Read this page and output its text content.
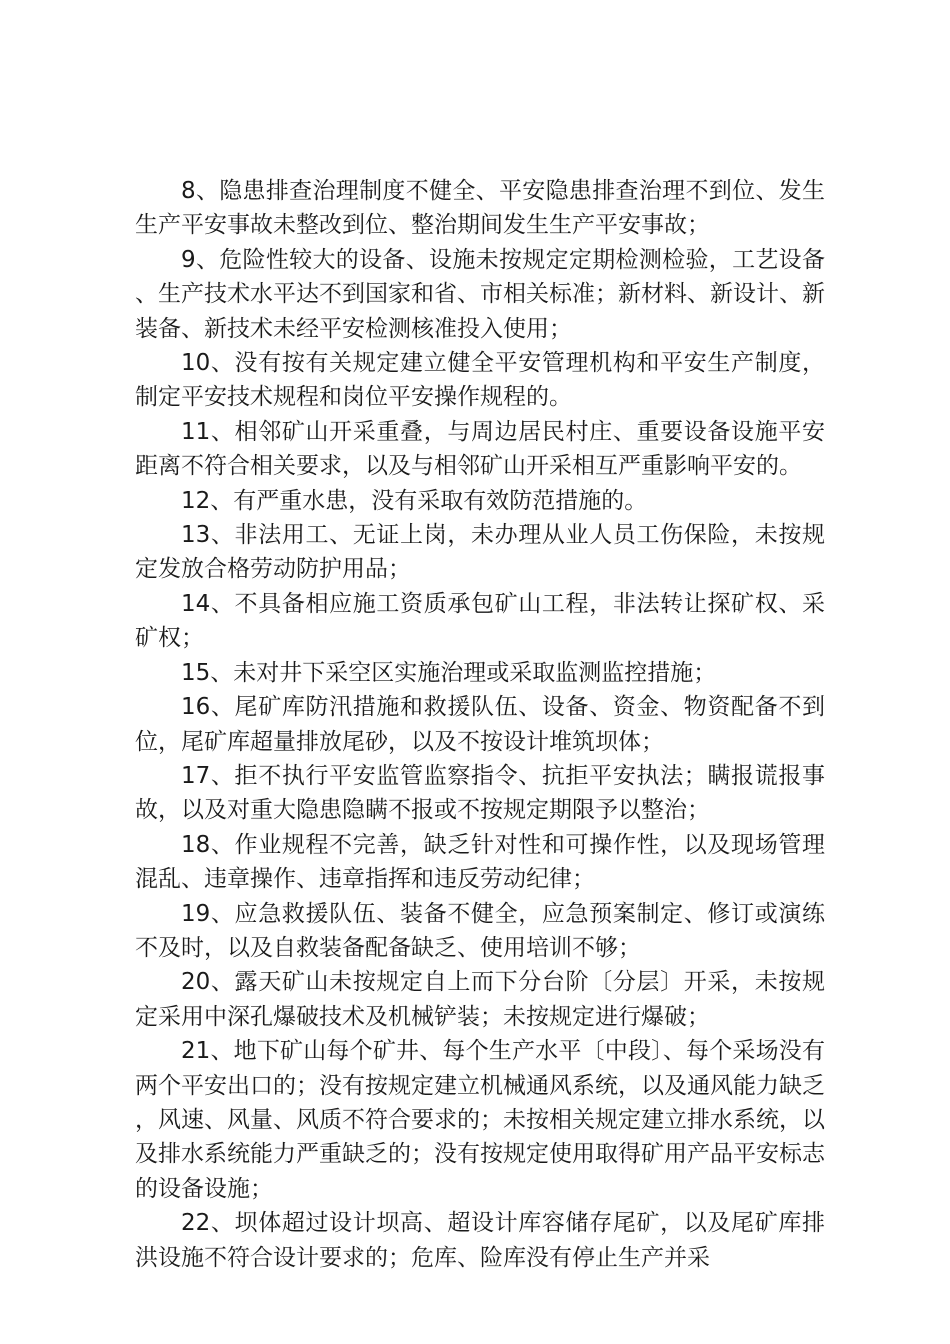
8、隐患排查治理制度不健全、平安隐患排查治理不到位、发生生产平安事故未整改到位、整治期间发生生产平安事故；

9、危险性较大的设备、设施未按规定定期检测检验，工艺设备、生产技术水平达不到国家和省、市相关标准；新材料、新设计、新装备、新技术未经平安检测核准投入使用；

10、没有按有关规定建立健全平安管理机构和平安生产制度，制定平安技术规程和岗位平安操作规程的。

11、相邻矿山开采重叠，与周边居民村庄、重要设备设施平安距离不符合相关要求，以及与相邻矿山开采相互严重影响平安的。

12、有严重水患，没有采取有效防范措施的。

13、非法用工、无证上岗，未办理从业人员工伤保险，未按规定发放合格劳动防护用品；

14、不具备相应施工资质承包矿山工程，非法转让探矿权、采矿权；

15、未对井下采空区实施治理或采取监测监控措施；

16、尾矿库防汛措施和救援队伍、设备、资金、物资配备不到位，尾矿库超量排放尾砂，以及不按设计堆筑坝体；

17、拒不执行平安监管监察指令、抗拒平安执法；瞒报谎报事故，以及对重大隐患隐瞒不报或不按规定期限予以整治；

18、作业规程不完善，缺乏针对性和可操作性，以及现场管理混乱、违章操作、违章指挥和违反劳动纪律；

19、应急救援队伍、装备不健全，应急预案制定、修订或演练不及时，以及自救装备配备缺乏、使用培训不够；

20、露天矿山未按规定自上而下分台阶〔分层〕开采，未按规定采用中深孔爆破技术及机械铲装；未按规定进行爆破；

21、地下矿山每个矿井、每个生产水平〔中段〕、每个采场没有两个平安出口的；没有按规定建立机械通风系统，以及通风能力缺乏，风速、风量、风质不符合要求的；未按相关规定建立排水系统，以及排水系统能力严重缺乏的；没有按规定使用取得矿用产品平安标志的设备设施；

22、坝体超过设计坝高、超设计库容储存尾矿，以及尾矿库排洪设施不符合设计要求的；危库、险库没有停止生产并采
